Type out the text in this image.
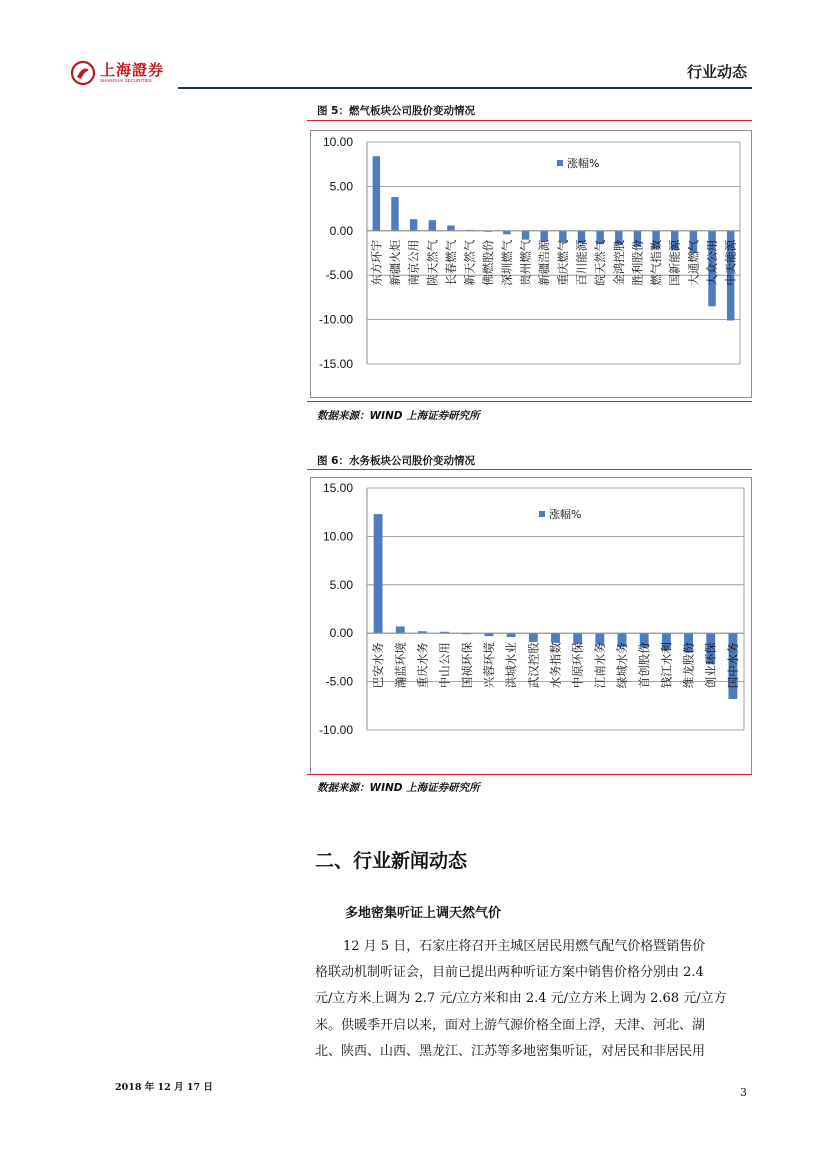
上海證券
SHANGHAI SECURITIES	行业动态
图 5：燃气板块公司股价变动情况
10.00
5.00
0.00
-5.00
-10.00
-15.00
东方环宇 新疆火炬 南京公用 陕天然气 长春燃气 新天然气 佛燃股份 深圳燃气 贵州燃气 新疆浩源 重庆燃气 百川能源 皖天然气 金鸿控股 胜利股份 燃气指数 国新能源 大通燃气 大众公用 中天能源
涨幅%
数据来源：WIND 上海证券研究所
图 6：水务板块公司股价变动情况
15.00
10.00
5.00
0.00
-5.00
-10.00
巴安水务 瀚蓝环境 重庆水务 中山公用 国祯环保 兴蓉环境 洪城水业 武汉控股 水务指数 中原环保 江南水务 绿城水务 首创股份 钱江水利 维龙股份 创业环保 国中水务
涨幅%
数据来源：WIND 上海证券研究所
二、行业新闻动态
多地密集听证上调天然气价
12 月 5 日，石家庄将召开主城区居民用燃气配气价格暨销售价
格联动机制听证会，目前已提出两种听证方案中销售价格分别由 2.4
元/立方米上调为 2.7 元/立方米和由 2.4 元/立方米上调为 2.68 元/立方
米。供暖季开启以来，面对上游气源价格全面上浮，天津、河北、湖
北、陕西、山西、黑龙江、江苏等多地密集听证，对居民和非居民用
2018 年 12 月 17 日	3
